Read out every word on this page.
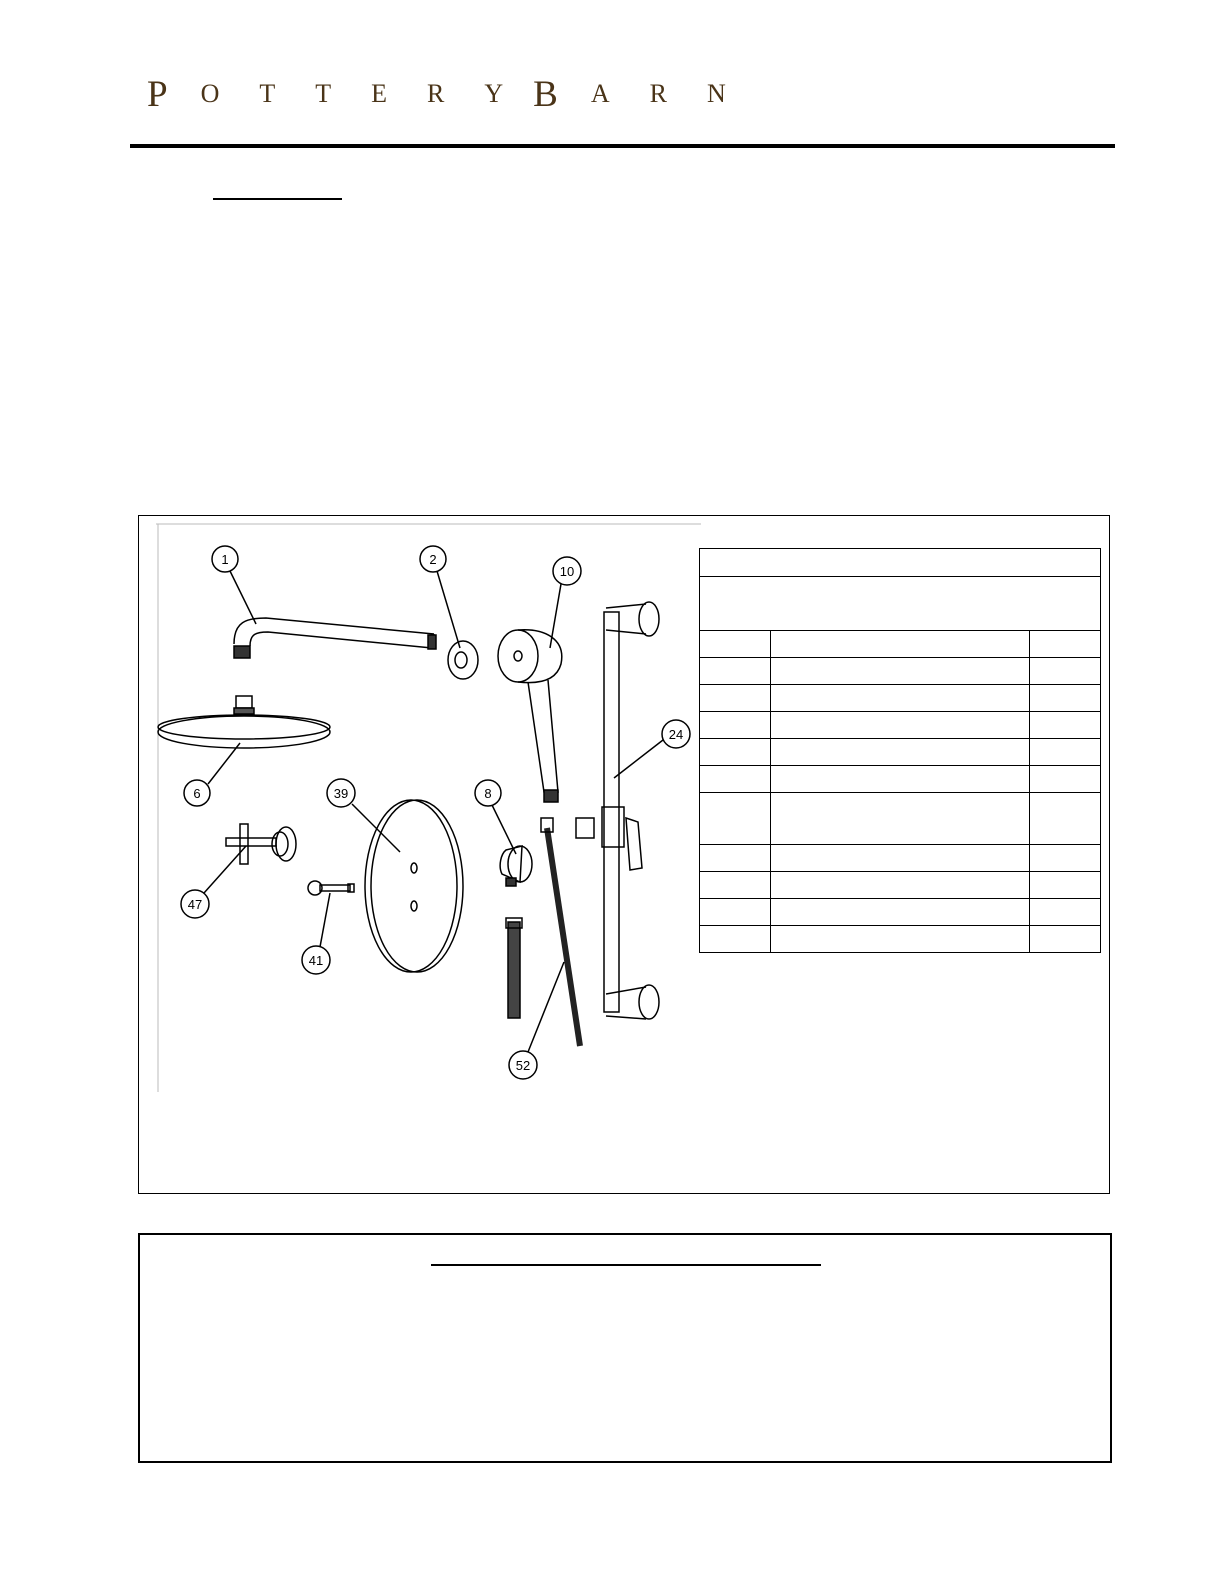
P O T T E R Y B A R N
1	2
10
24
6	39	8
47
41
52
